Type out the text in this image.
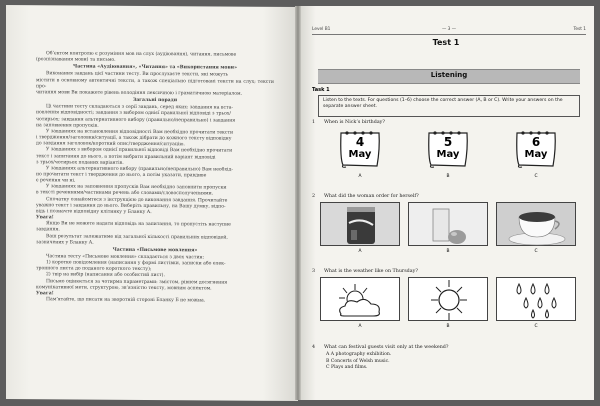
Об’єктом контролю є розуміння мов на слух (аудіювання), читання, письмове

(розпізнавання мови) та письмо.

Частина «Аудіювання», «Читання» та «Використання мови»

Виконання завдань цієї частини тесту. Ви прослухаєте тексти, які можуть

містити в основному автентичні тексти, а також спеціально підготовані тексти на слух; тексти про-

читання мови Ви покажете рівень володіння лексичною і граматичною матеріалом.

Загальні поради

Ці частини тесту складаються з серії завдань, серед яких: завдання на вста-

новлення відповідності; завдання з вибором однієї правильної відповіді з трьох/

чотирьох; завдання альтернативного вибору (правильно/неправильно) і завдання

на заповнення пропусків.

У завданнях на встановлення відповідності Вам необхідно прочитати тексти

і твердження/заголовки/ситуації, а також дібрати до кожного тексту відповідну

до завдання заголовок/короткий опис/твердження/ситуацію.

У завданнях з вибором однієї правильної відповіді Вам необхідно прочитати

текст і запитання до нього, а потім вибрати правильний варіант відповіді

з трьох/чотирьох поданих варіантів.

У завданнях альтернативного вибору (правильно/неправильно) Вам необхід-

но прочитати текст і твердження до нього, а потім указати, правдиве

є речення чи ні.

У завданнях на заповнення пропусків Вам необхідно заповнити пропуски

в тексті реченнями/частинами речень або словами/словосполученнями.

Спочатку ознайомтеся з інструкцією до виконання завдання. Прочитайте

уважно текст і завдання до нього. Виберіть правильну, на Вашу думку, відпо-

відь і позначте відповідну клітинку у Бланку А.

Увага!

Якщо Ви не можете надати відповідь на запитання, то пропустіть наступне

завдання.

Ваш результат залежатиме від загальної кількості правильних відповідей,

зазначених у Бланку А.

Частина «Письмове мовлення»

Частина тесту «Письмове мовлення» складається з двох частин:

1) коротке повідомлення (написання у формі листівки, записки або елек-

тронного листа до поданого короткого тексту);

2) твір на вибір (написання або особистий лист).

Письмо оцінюється за чотирма параметрами: змістом, рівнем досягнення

комунікативної мети, структурою, зв’язністю тексту, мовним аспектом.

Увага!

Пам’ятайте, що писати на зворотній стороні Бланку Б не можна.

Level B1	— 3 —	Test 1
Test 1
Listening
Task 1
Listen to the texts. For questions (1–6) choose the correct answer (A, B or C). Write your answers on the separate answer sheet.
1 When is Nick’s birthday?
4
May
A
5
May
B
6
May
C
2 What did the woman order for herself?
A	B	C
3 What is the weather like on Thursday?
A	B	C
4 What can festival guests visit only at the weekend?
A A photography exhibition.
B Concerts of Welsh music.
C Plays and films.
